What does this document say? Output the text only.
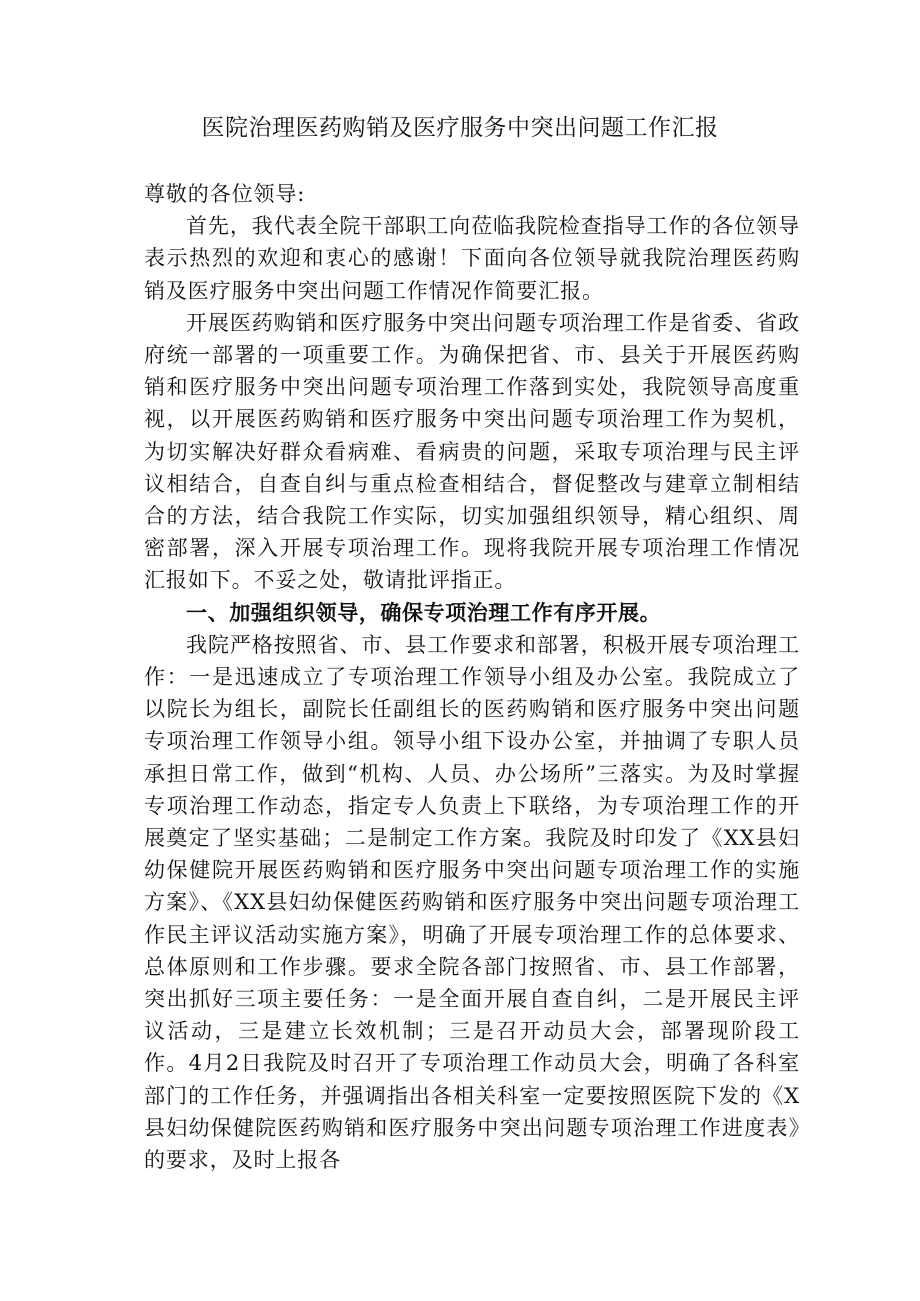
医院治理医药购销及医疗服务中突出问题工作汇报

尊敬的各位领导:

首先，我代表全院干部职工向莅临我院检查指导工作的各位领导表示热烈的欢迎和衷心的感谢！下面向各位领导就我院治理医药购销及医疗服务中突出问题工作情况作简要汇报。

开展医药购销和医疗服务中突出问题专项治理工作是省委、省政府统一部署的一项重要工作。为确保把省、市、县关于开展医药购销和医疗服务中突出问题专项治理工作落到实处，我院领导高度重视，以开展医药购销和医疗服务中突出问题专项治理工作为契机，为切实解决好群众看病难、看病贵的问题，采取专项治理与民主评议相结合，自查自纠与重点检查相结合，督促整改与建章立制相结合的方法，结合我院工作实际，切实加强组织领导，精心组织、周密部署，深入开展专项治理工作。现将我院开展专项治理工作情况汇报如下。不妥之处，敬请批评指正。

一、加强组织领导，确保专项治理工作有序开展。

我院严格按照省、市、县工作要求和部署，积极开展专项治理工作：一是迅速成立了专项治理工作领导小组及办公室。我院成立了以院长为组长，副院长任副组长的医药购销和医疗服务中突出问题专项治理工作领导小组。领导小组下设办公室，并抽调了专职人员承担日常工作，做到“机构、人员、办公场所”三落实。为及时掌握专项治理工作动态，指定专人负责上下联络，为专项治理工作的开展奠定了坚实基础；二是制定工作方案。我院及时印发了《XX县妇幼保健院开展医药购销和医疗服务中突出问题专项治理工作的实施方案》、《XX县妇幼保健医药购销和医疗服务中突出问题专项治理工作民主评议活动实施方案》，明确了开展专项治理工作的总体要求、总体原则和工作步骤。要求全院各部门按照省、市、县工作部署，突出抓好三项主要任务：一是全面开展自查自纠，二是开展民主评议活动，三是建立长效机制；三是召开动员大会，部署现阶段工作。4月2日我院及时召开了专项治理工作动员大会，明确了各科室部门的工作任务，并强调指出各相关科室一定要按照医院下发的《X县妇幼保健院医药购销和医疗服务中突出问题专项治理工作进度表》的要求，及时上报各
